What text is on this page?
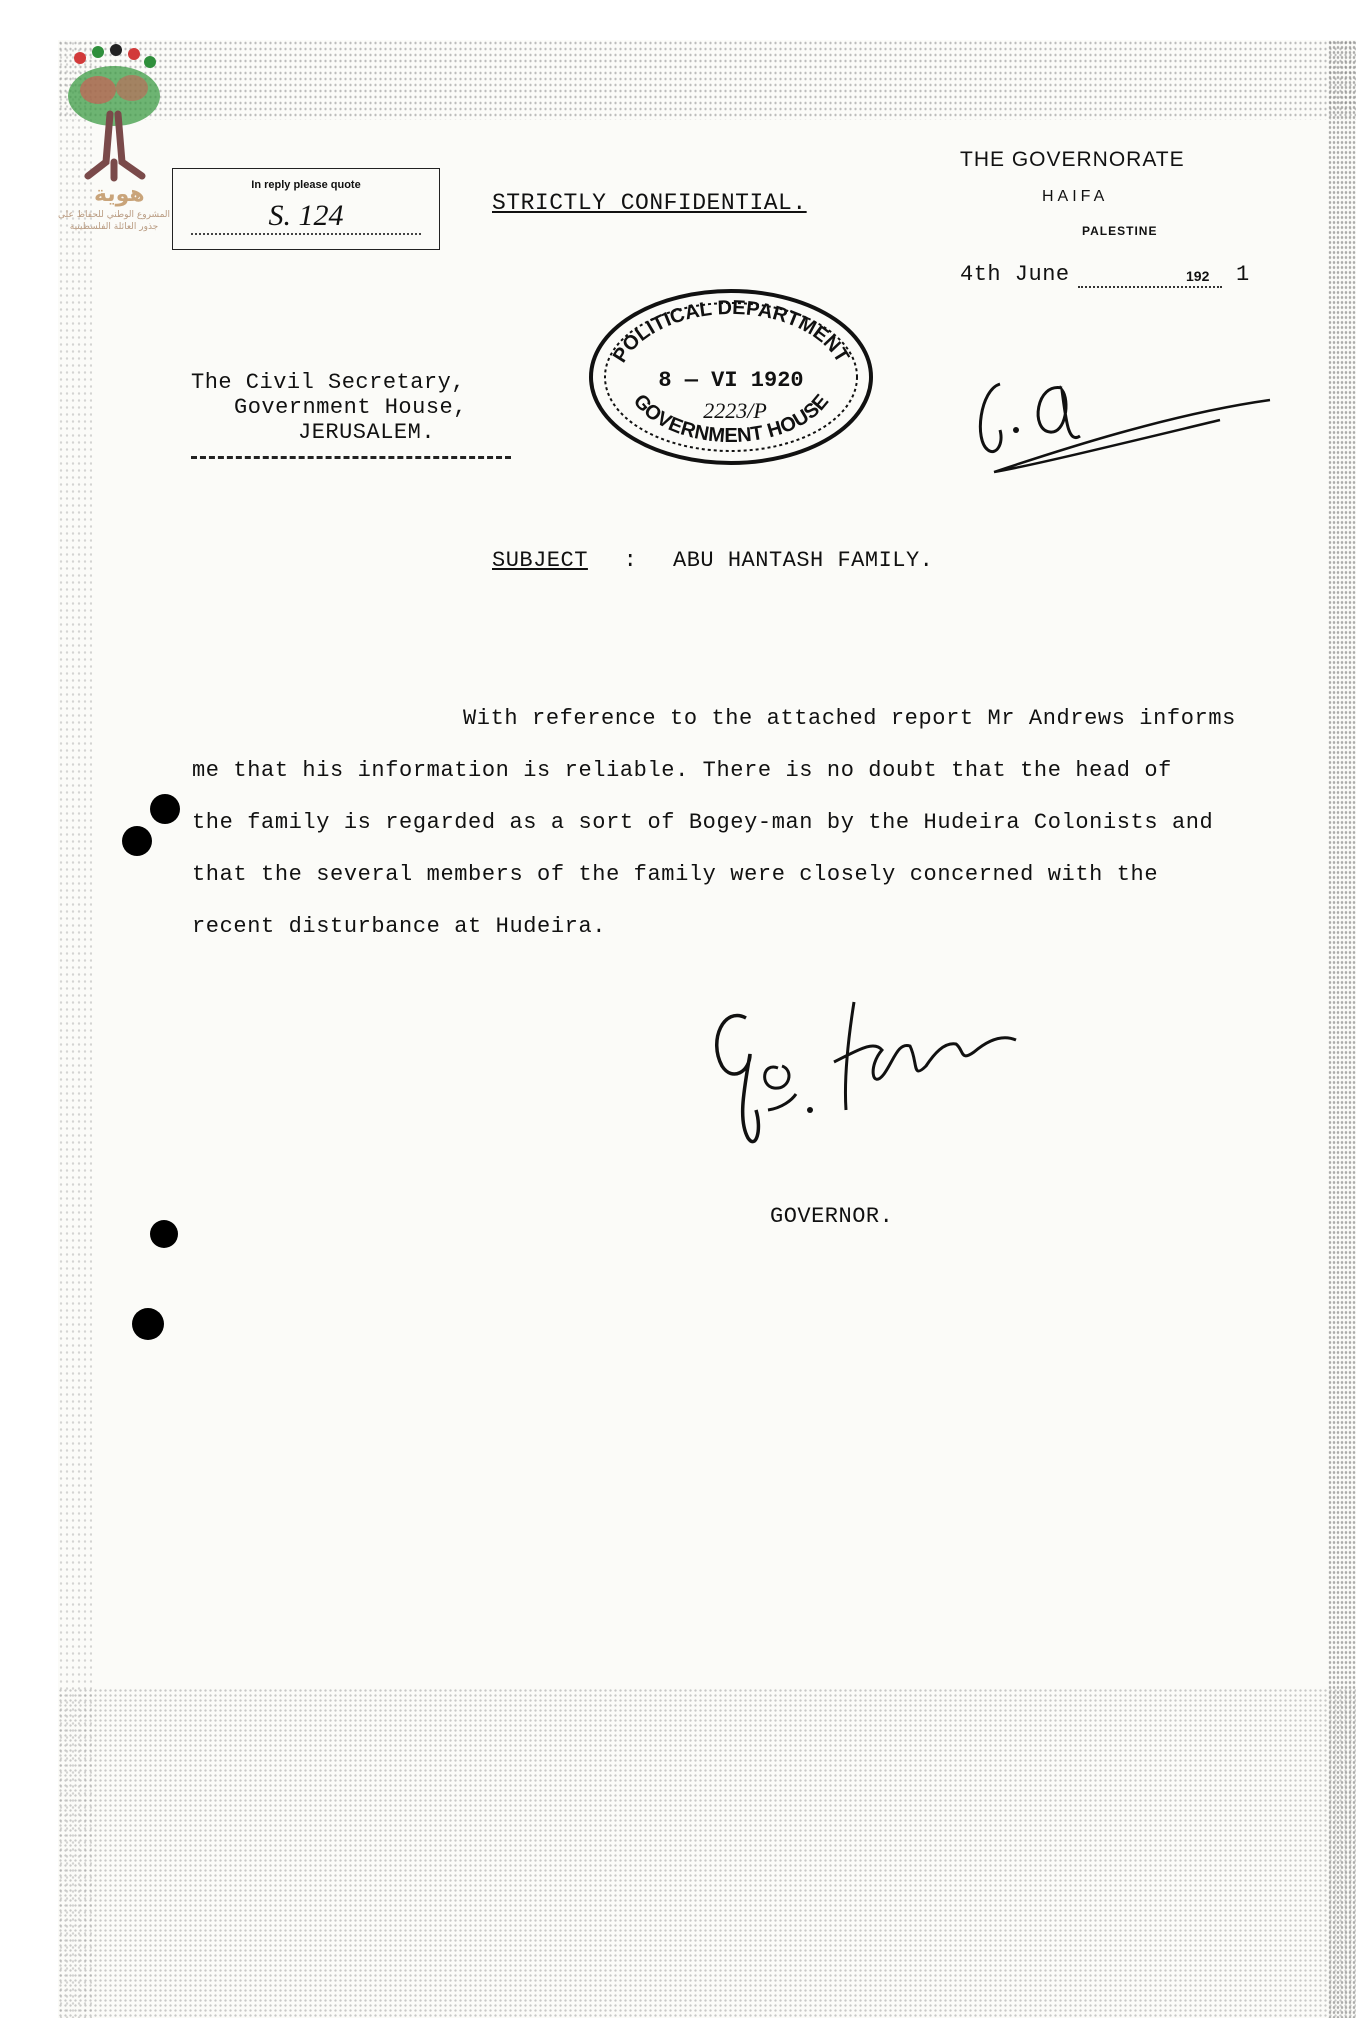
هوية
المشروع الوطني للحفاظ على
جذور العائلة الفلسطينية
In reply please quote
S. 124	STRICTLY CONFIDENTIAL.
THE GOVERNORATE
HAIFA
PALESTINE
4th June	192 1
POLITICAL DEPARTMENT
GOVERNMENT HOUSE
8 — VI 1920
2223/P
The Civil Secretary,
Government House,
JERUSALEM.
SUBJECT : ABU HANTASH FAMILY.
With reference to the attached report Mr Andrews informs
me that his information is reliable. There is no doubt that the head of
the family is regarded as a sort of Bogey-man by the Hudeira Colonists and
that the several members of the family were closely concerned with the
recent disturbance at Hudeira.
GOVERNOR.
